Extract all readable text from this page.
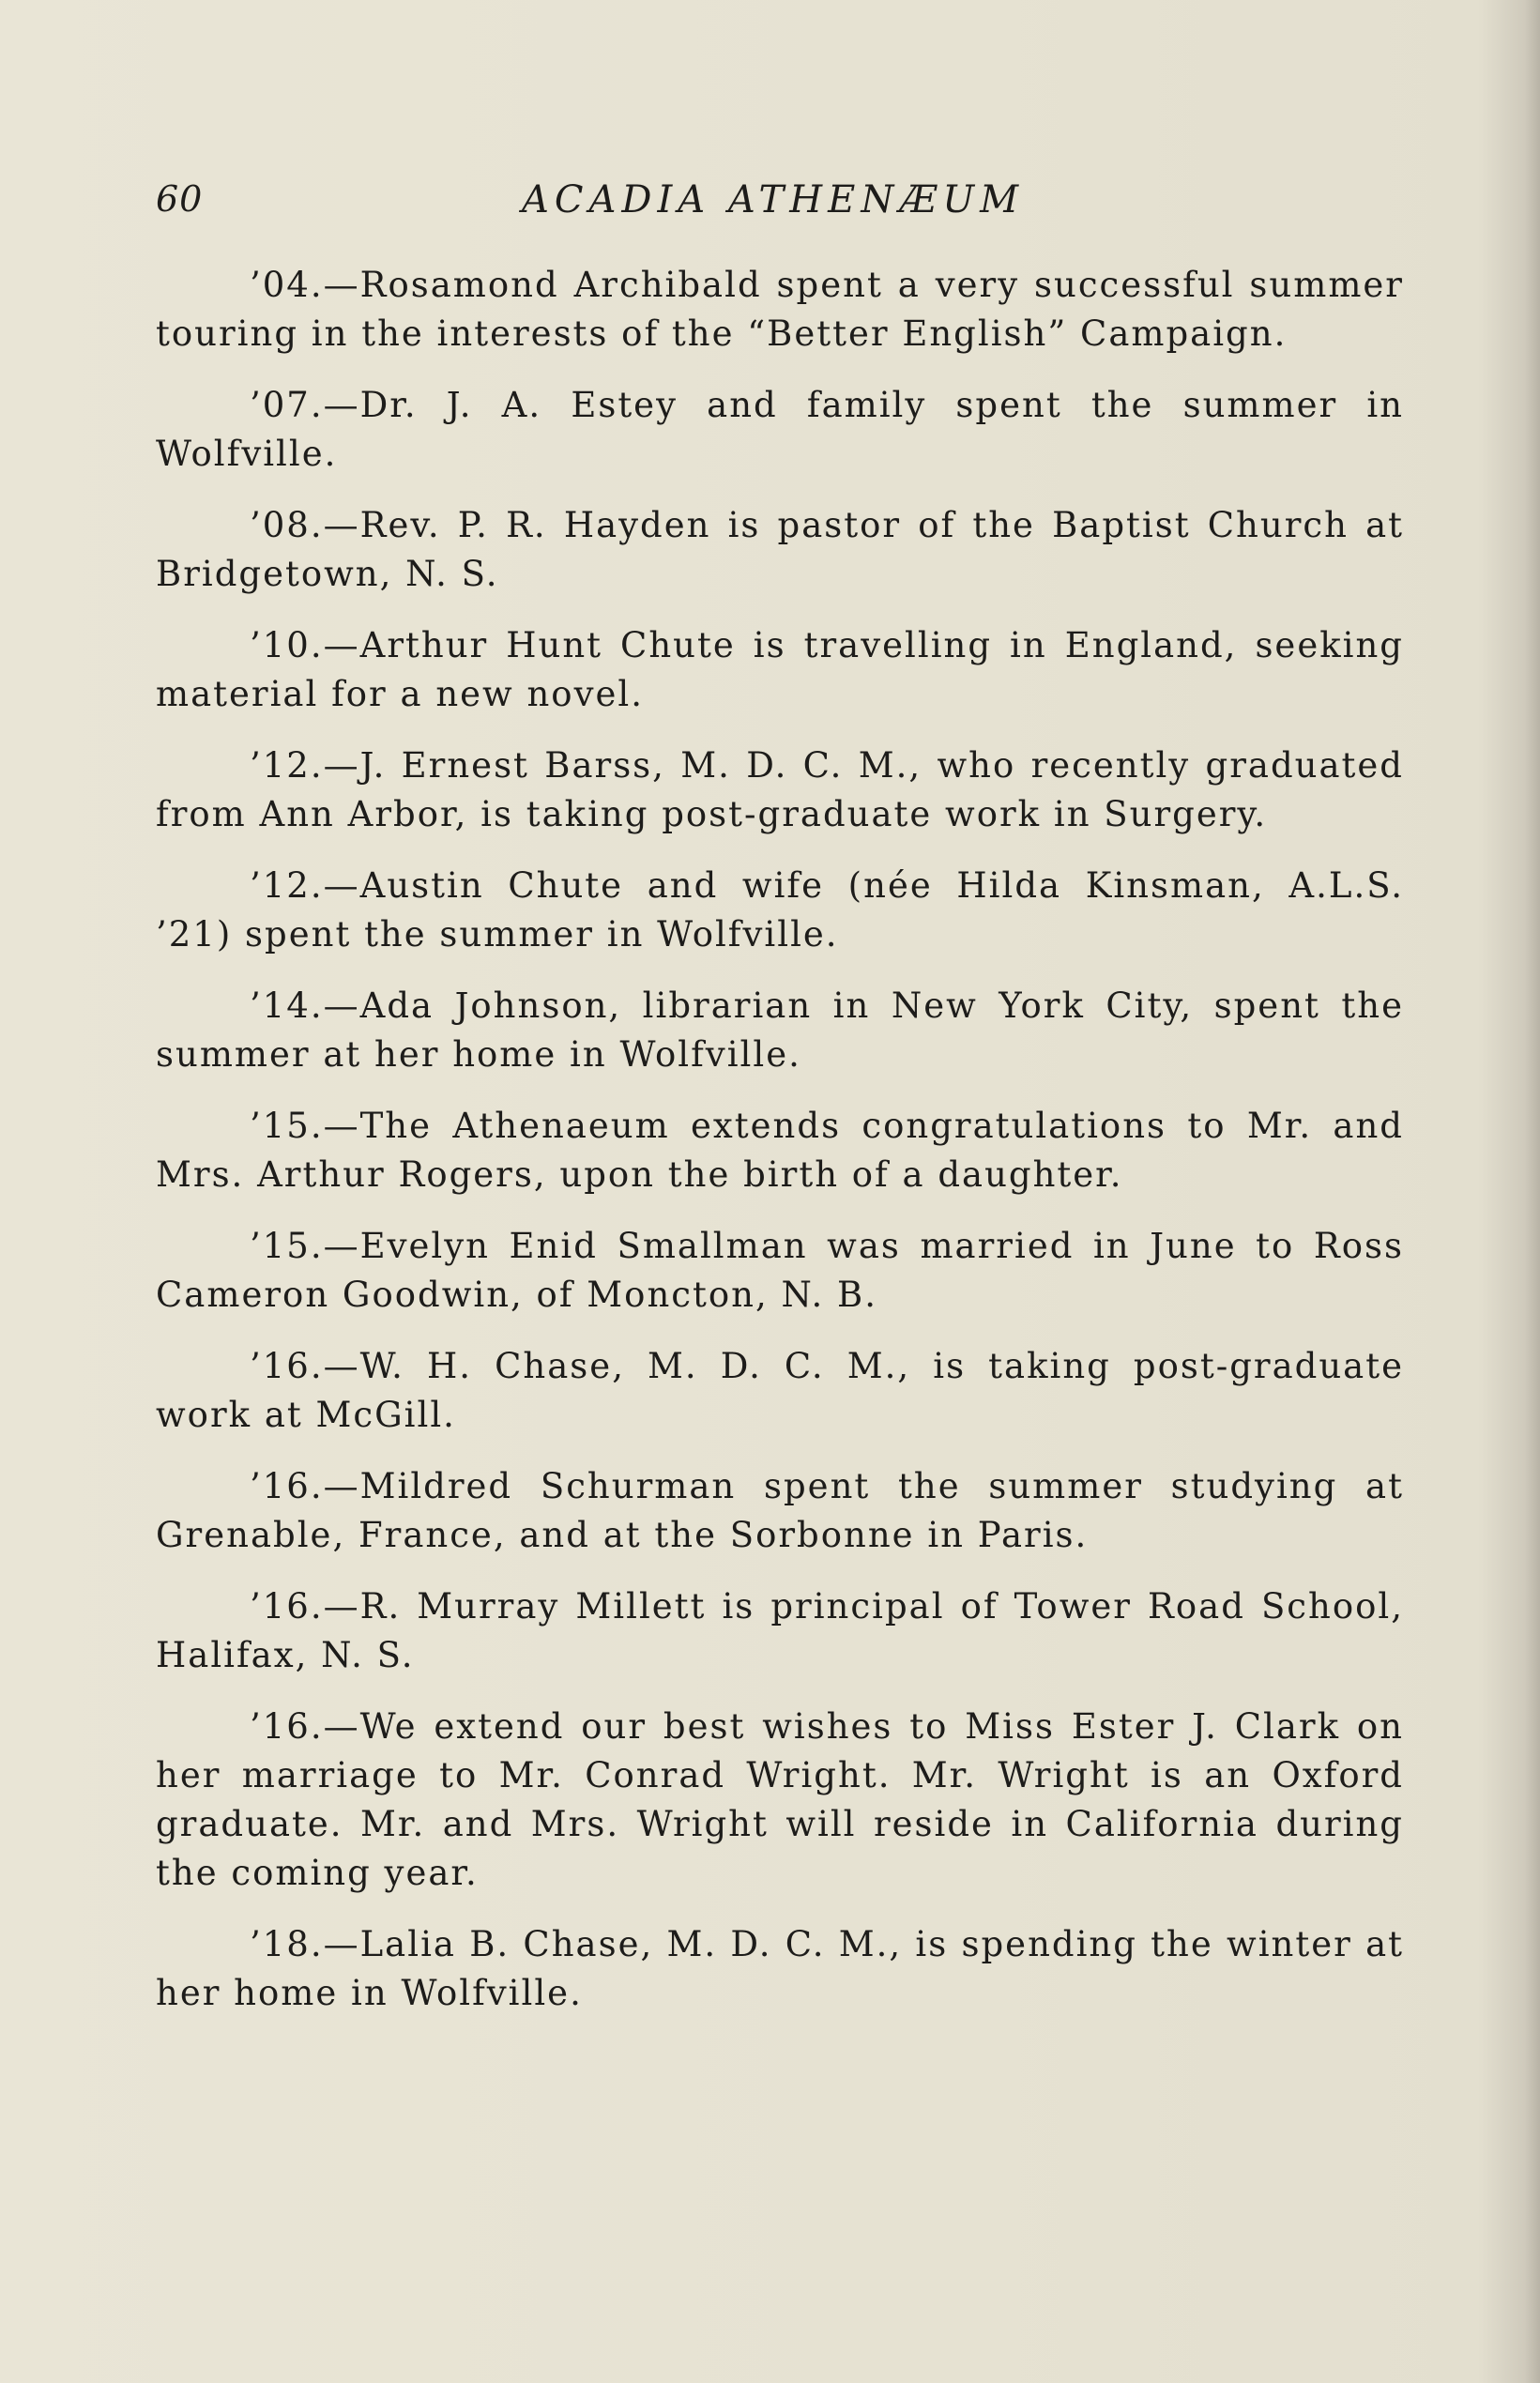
60	ACADIA ATHENÆUM

’04.—Rosamond Archibald spent a very successful summer touring in the interests of the “Better English” Campaign.

’07.—Dr. J. A. Estey and family spent the summer in Wolfville.

’08.—Rev. P. R. Hayden is pastor of the Baptist Church at Bridgetown, N. S.

’10.—Arthur Hunt Chute is travelling in England, seeking material for a new novel.

’12.—J. Ernest Barss, M. D. C. M., who recently graduated from Ann Arbor, is taking post-graduate work in Surgery.

’12.—Austin Chute and wife (née Hilda Kinsman, A.L.S. ’21) spent the summer in Wolfville.

’14.—Ada Johnson, librarian in New York City, spent the summer at her home in Wolfville.

’15.—The Athenaeum extends congratulations to Mr. and Mrs. Arthur Rogers, upon the birth of a daughter.

’15.—Evelyn Enid Smallman was married in June to Ross Cameron Goodwin, of Moncton, N. B.

’16.—W. H. Chase, M. D. C. M., is taking post-graduate work at McGill.

’16.—Mildred Schurman spent the summer studying at Grenable, France, and at the Sorbonne in Paris.

’16.—R. Murray Millett is principal of Tower Road School, Halifax, N. S.

’16.—We extend our best wishes to Miss Ester J. Clark on her marriage to Mr. Conrad Wright. Mr. Wright is an Oxford graduate. Mr. and Mrs. Wright will reside in California during the coming year.

’18.—Lalia B. Chase, M. D. C. M., is spending the winter at her home in Wolfville.
